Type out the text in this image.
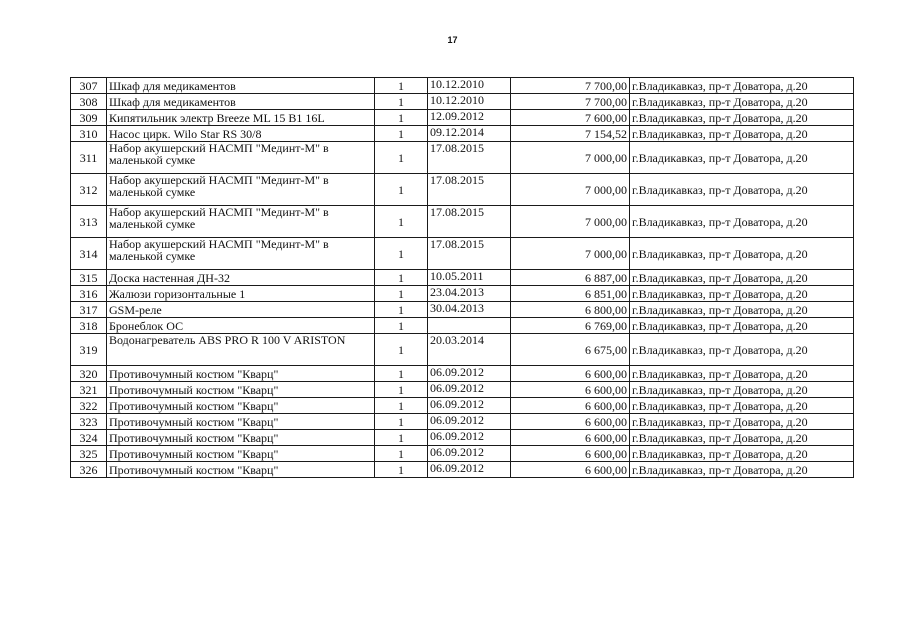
17
307	Шкаф для медикаментов	1	10.12.2010	7 700,00	г.Владикавказ, пр-т Доватора, д.20
308	Шкаф для медикаментов	1	10.12.2010	7 700,00	г.Владикавказ, пр-т Доватора, д.20
309	Кипятильник электр Breeze ML 15 B1 16L	1	12.09.2012	7 600,00	г.Владикавказ, пр-т Доватора, д.20
310	Насос цирк. Wilo Star RS 30/8	1	09.12.2014	7 154,52	г.Владикавказ, пр-т Доватора, д.20
311	Набор акушерский НАСМП "Мединт-М" в маленькой сумке	1	17.08.2015	7 000,00	г.Владикавказ, пр-т Доватора, д.20
312	Набор акушерский НАСМП "Мединт-М" в маленькой сумке	1	17.08.2015	7 000,00	г.Владикавказ, пр-т Доватора, д.20
313	Набор акушерский НАСМП "Мединт-М" в маленькой сумке	1	17.08.2015	7 000,00	г.Владикавказ, пр-т Доватора, д.20
314	Набор акушерский НАСМП "Мединт-М" в маленькой сумке	1	17.08.2015	7 000,00	г.Владикавказ, пр-т Доватора, д.20
315	Доска настенная ДН-32	1	10.05.2011	6 887,00	г.Владикавказ, пр-т Доватора, д.20
316	Жалюзи горизонтальные 1	1	23.04.2013	6 851,00	г.Владикавказ, пр-т Доватора, д.20
317	GSM-реле	1	30.04.2013	6 800,00	г.Владикавказ, пр-т Доватора, д.20
318	Бронеблок ОС	1		6 769,00	г.Владикавказ, пр-т Доватора, д.20
319	Водонагреватель ABS PRO R 100 V ARISTON	1	20.03.2014	6 675,00	г.Владикавказ, пр-т Доватора, д.20
320	Противочумный костюм "Кварц"	1	06.09.2012	6 600,00	г.Владикавказ, пр-т Доватора, д.20
321	Противочумный костюм "Кварц"	1	06.09.2012	6 600,00	г.Владикавказ, пр-т Доватора, д.20
322	Противочумный костюм "Кварц"	1	06.09.2012	6 600,00	г.Владикавказ, пр-т Доватора, д.20
323	Противочумный костюм "Кварц"	1	06.09.2012	6 600,00	г.Владикавказ, пр-т Доватора, д.20
324	Противочумный костюм "Кварц"	1	06.09.2012	6 600,00	г.Владикавказ, пр-т Доватора, д.20
325	Противочумный костюм "Кварц"	1	06.09.2012	6 600,00	г.Владикавказ, пр-т Доватора, д.20
326	Противочумный костюм "Кварц"	1	06.09.2012	6 600,00	г.Владикавказ, пр-т Доватора, д.20
